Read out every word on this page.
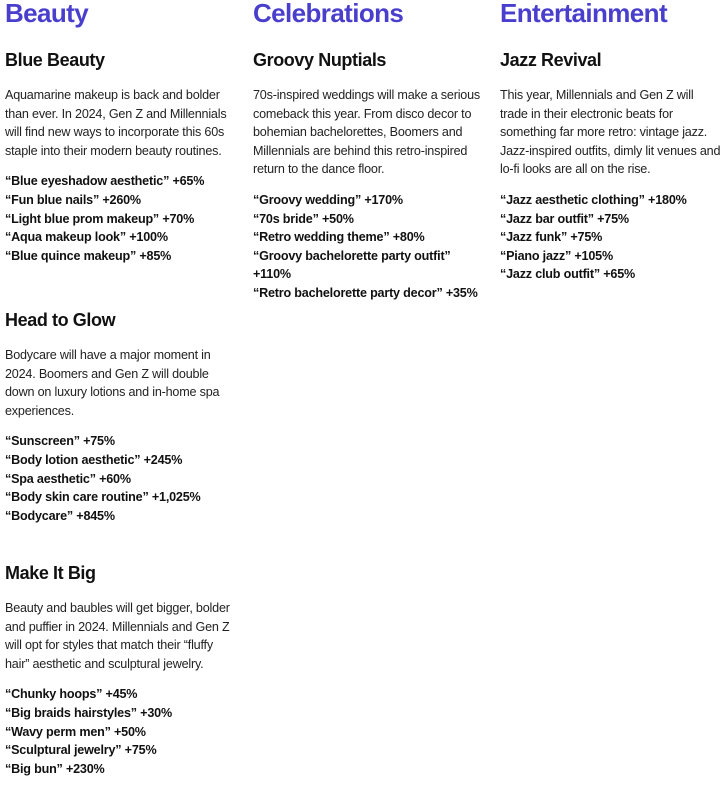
Beauty
Blue Beauty

Aquamarine makeup is back and bolder than ever. In 2024, Gen Z and Millennials will find new ways to incorporate this 60s staple into their modern beauty routines.

“Blue eyeshadow aesthetic” +65%
“Fun blue nails” +260%
“Light blue prom makeup” +70%
“Aqua makeup look” +100%
“Blue quince makeup” +85%
Head to Glow

Bodycare will have a major moment in 2024. Boomers and Gen Z will double down on luxury lotions and in-home spa experiences.

“Sunscreen” +75%
“Body lotion aesthetic” +245%
“Spa aesthetic” +60%
“Body skin care routine” +1,025%
“Bodycare” +845%
Make It Big

Beauty and baubles will get bigger, bolder and puffier in 2024. Millennials and Gen Z will opt for styles that match their “fluffy hair” aesthetic and sculptural jewelry.

“Chunky hoops” +45%
“Big braids hairstyles” +30%
“Wavy perm men” +50%
“Sculptural jewelry” +75%
“Big bun” +230%
Celebrations
Groovy Nuptials

70s-inspired weddings will make a serious comeback this year. From disco decor to bohemian bachelorettes, Boomers and Millennials are behind this retro-inspired return to the dance floor.

“Groovy wedding” +170%
“70s bride” +50%
“Retro wedding theme” +80%
“Groovy bachelorette party outfit” +110%
“Retro bachelorette party decor” +35%
Entertainment
Jazz Revival

This year, Millennials and Gen Z will trade in their electronic beats for something far more retro: vintage jazz. Jazz-inspired outfits, dimly lit venues and lo-fi looks are all on the rise.

“Jazz aesthetic clothing” +180%
“Jazz bar outfit” +75%
“Jazz funk” +75%
“Piano jazz” +105%
“Jazz club outfit” +65%
